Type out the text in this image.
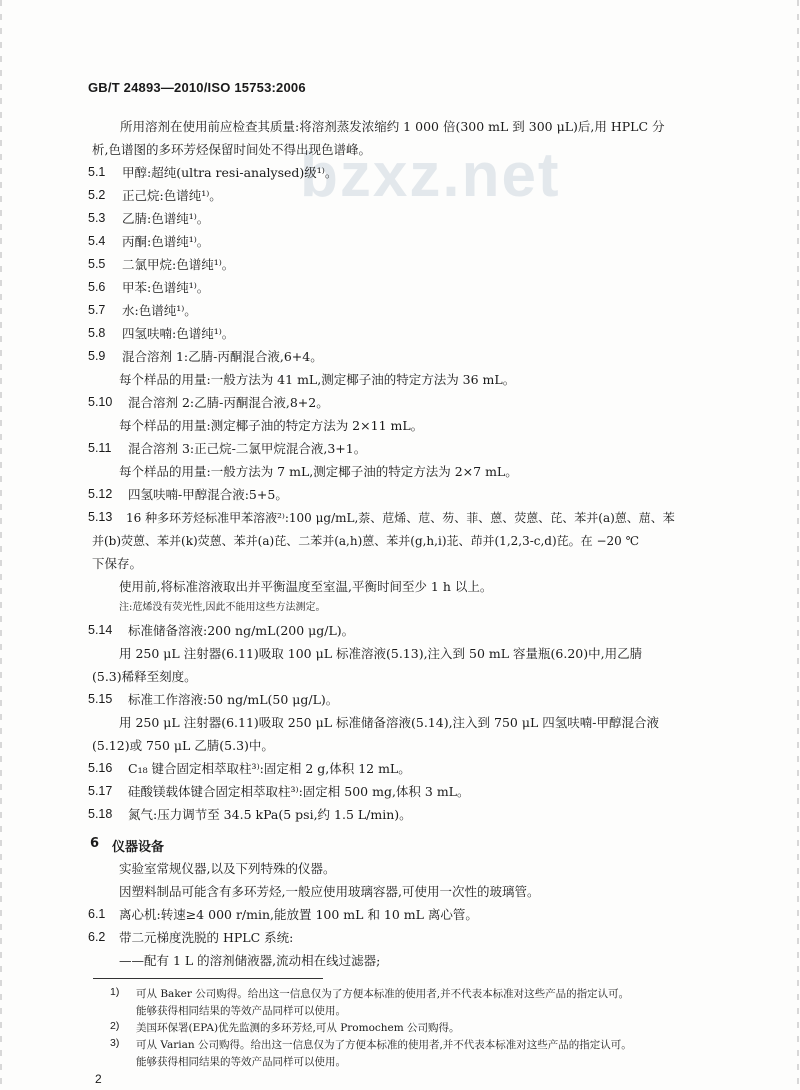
bzxz.net
GB/T 24893—2010/ISO 15753:2006
所用溶剂在使用前应检查其质量:将溶剂蒸发浓缩约 1 000 倍(300 mL 到 300 μL)后,用 HPLC 分
析,色谱图的多环芳烃保留时间处不得出现色谱峰。
5.1 甲醇:超纯(ultra resi-analysed)级¹⁾。
5.2 正己烷:色谱纯¹⁾。
5.3 乙腈:色谱纯¹⁾。
5.4 丙酮:色谱纯¹⁾。
5.5 二氯甲烷:色谱纯¹⁾。
5.6 甲苯:色谱纯¹⁾。
5.7 水:色谱纯¹⁾。
5.8 四氢呋喃:色谱纯¹⁾。
5.9 混合溶剂 1:乙腈-丙酮混合液,6+4。
每个样品的用量:一般方法为 41 mL,测定椰子油的特定方法为 36 mL。
5.10 混合溶剂 2:乙腈-丙酮混合液,8+2。
每个样品的用量:测定椰子油的特定方法为 2×11 mL。
5.11 混合溶剂 3:正己烷-二氯甲烷混合液,3+1。
每个样品的用量:一般方法为 7 mL,测定椰子油的特定方法为 2×7 mL。
5.12 四氢呋喃-甲醇混合液:5+5。
5.13 16 种多环芳烃标准甲苯溶液²⁾:100 μg/mL,萘、苊烯、苊、芴、菲、蒽、荧蒽、芘、苯并(a)蒽、䓛、苯
并(b)荧蒽、苯并(k)荧蒽、苯并(a)芘、二苯并(a,h)蒽、苯并(g,h,i)苝、茚并(1,2,3-c,d)芘。在 −20 ℃
下保存。
使用前,将标准溶液取出并平衡温度至室温,平衡时间至少 1 h 以上。
注:苊烯没有荧光性,因此不能用这些方法测定。
5.14 标准储备溶液:200 ng/mL(200 μg/L)。
用 250 μL 注射器(6.11)吸取 100 μL 标准溶液(5.13),注入到 50 mL 容量瓶(6.20)中,用乙腈
(5.3)稀释至刻度。
5.15 标准工作溶液:50 ng/mL(50 μg/L)。
用 250 μL 注射器(6.11)吸取 250 μL 标准储备溶液(5.14),注入到 750 μL 四氢呋喃-甲醇混合液
(5.12)或 750 μL 乙腈(5.3)中。
5.16 C₁₈ 键合固定相萃取柱³⁾:固定相 2 g,体积 12 mL。
5.17 硅酸镁载体键合固定相萃取柱³⁾:固定相 500 mg,体积 3 mL。
5.18 氮气:压力调节至 34.5 kPa(5 psi,约 1.5 L/min)。
6 仪器设备
实验室常规仪器,以及下列特殊的仪器。
因塑料制品可能含有多环芳烃,一般应使用玻璃容器,可使用一次性的玻璃管。
6.1 离心机:转速≥4 000 r/min,能放置 100 mL 和 10 mL 离心管。
6.2 带二元梯度洗脱的 HPLC 系统:
——配有 1 L 的溶剂储液器,流动相在线过滤器;
1) 可从 Baker 公司购得。给出这一信息仅为了方便本标准的使用者,并不代表本标准对这些产品的指定认可。
能够获得相同结果的等效产品同样可以使用。
2) 美国环保署(EPA)优先监测的多环芳烃,可从 Promochem 公司购得。
3) 可从 Varian 公司购得。给出这一信息仅为了方便本标准的使用者,并不代表本标准对这些产品的指定认可。
能够获得相同结果的等效产品同样可以使用。
2
